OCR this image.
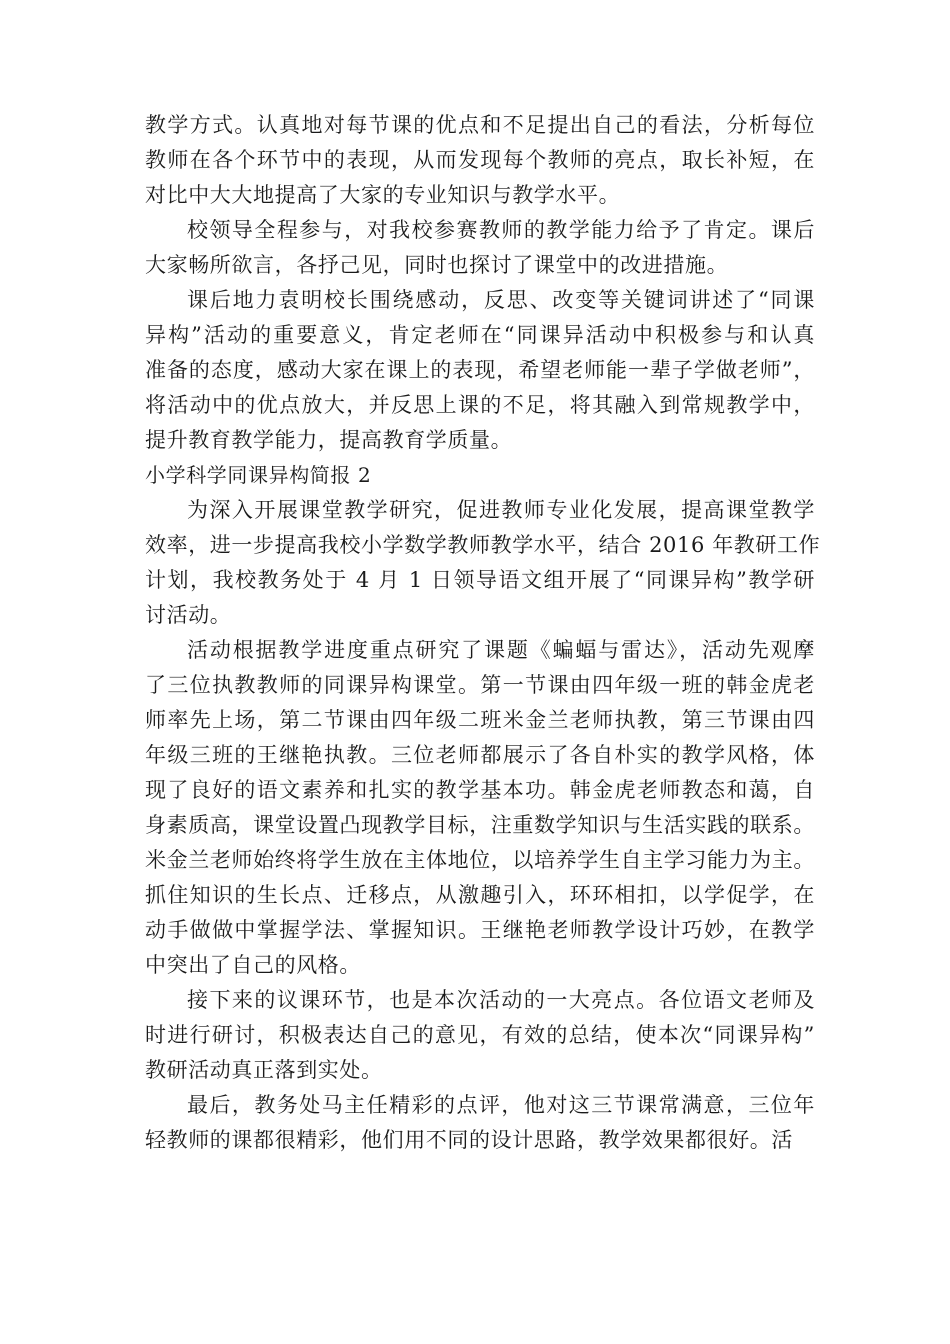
教学方式。认真地对每节课的优点和不足提出自己的看法，分析每位
教师在各个环节中的表现，从而发现每个教师的亮点，取长补短，在
对比中大大地提高了大家的专业知识与教学水平。
校领导全程参与，对我校参赛教师的教学能力给予了肯定。课后
大家畅所欲言，各抒己见，同时也探讨了课堂中的改进措施。
课后地力袁明校长围绕感动，反思、改变等关键词讲述了“同课
异构”活动的重要意义，肯定老师在“同课异活动中积极参与和认真
准备的态度，感动大家在课上的表现，希望老师能一辈子学做老师”，
将活动中的优点放大，并反思上课的不足，将其融入到常规教学中，
提升教育教学能力，提高教育学质量。
小学科学同课异构简报 2
为深入开展课堂教学研究，促进教师专业化发展，提高课堂教学
效率，进一步提高我校小学数学教师教学水平，结合 2016 年教研工作
计划，我校教务处于 4 月 1 日领导语文组开展了“同课异构”教学研
讨活动。
活动根据教学进度重点研究了课题《蝙蝠与雷达》，活动先观摩
了三位执教教师的同课异构课堂。第一节课由四年级一班的韩金虎老
师率先上场，第二节课由四年级二班米金兰老师执教，第三节课由四
年级三班的王继艳执教。三位老师都展示了各自朴实的教学风格，体
现了良好的语文素养和扎实的教学基本功。韩金虎老师教态和蔼，自
身素质高，课堂设置凸现教学目标，注重数学知识与生活实践的联系。
米金兰老师始终将学生放在主体地位，以培养学生自主学习能力为主。
抓住知识的生长点、迁移点，从激趣引入，环环相扣，以学促学，在
动手做做中掌握学法、掌握知识。王继艳老师教学设计巧妙，在教学
中突出了自己的风格。
接下来的议课环节，也是本次活动的一大亮点。各位语文老师及
时进行研讨，积极表达自己的意见，有效的总结，使本次“同课异构”
教研活动真正落到实处。
最后，教务处马主任精彩的点评，他对这三节课常满意，三位年
轻教师的课都很精彩，他们用不同的设计思路，教学效果都很好。活
